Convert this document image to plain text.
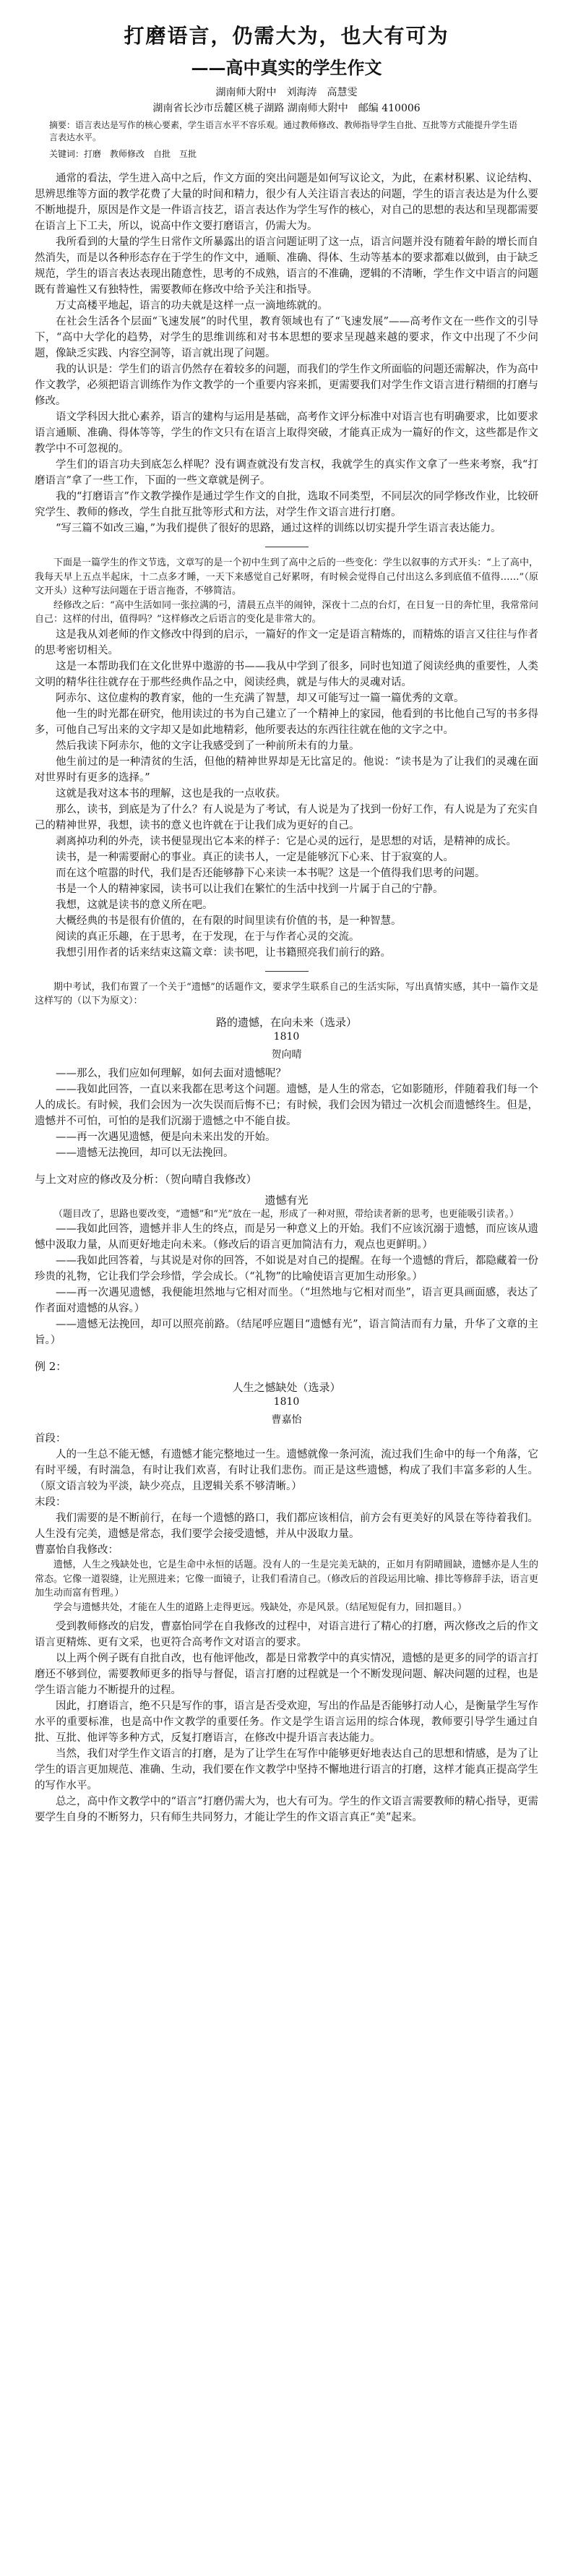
打磨语言，仍需大为，也大有可为
——高中真实的学生作文
湖南师大附中　刘海涛　高慧雯
湖南省长沙市岳麓区桃子湖路 湖南师大附中　邮编 410006
摘要：语言表达是写作的核心要素，学生语言水平不容乐观。通过教师修改、教师指导学生自批、互批等方式能提升学生语言表达水平。
关键词：打磨　教师修改　自批　互批

通常的看法，学生进入高中之后，作文方面的突出问题是如何写议论文，为此，在素材积累、议论结构、思辨思维等方面的教学花费了大量的时间和精力，很少有人关注语言表达的问题，学生的语言表达是为什么要不断地提升，原因是作文是一件语言技艺，语言表达作为学生写作的核心，对自己的思想的表达和呈现都需要在语言上下工夫，所以，说高中作文要打磨语言，仍需大为。

我所看到的大量的学生日常作文所暴露出的语言问题证明了这一点，语言问题并没有随着年龄的增长而自然消失，而是以各种形态存在于学生的作文中，通顺、准确、得体、生动等基本的要求都难以做到，由于缺乏规范，学生的语言表达表现出随意性，思考的不成熟，语言的不准确，逻辑的不清晰，学生作文中语言的问题既有普遍性又有独特性，需要教师在修改中给予关注和指导。

万丈高楼平地起，语言的功夫就是这样一点一滴地练就的。

在社会生活各个层面“飞速发展”的时代里，教育领域也有了“飞速发展”——高考作文在一些作文的引导下，“高中大学化的趋势，对学生的思维训练和对书本思想的要求呈现越来越的要求，作文中出现了不少问题，像缺乏实践、内容空洞等，语言就出现了问题。

我的认识是：学生们的语言仍然存在着较多的问题，而我们的学生作文所面临的问题还需解决，作为高中作文教学，必须把语言训练作为作文教学的一个重要内容来抓，更需要我们对学生作文语言进行精细的打磨与修改。

语文学科因大批心素养，语言的建构与运用是基础，高考作文评分标准中对语言也有明确要求，比如要求语言通顺、准确、得体等等，学生的作文只有在语言上取得突破，才能真正成为一篇好的作文，这些都是作文教学中不可忽视的。

学生们的语言功夫到底怎么样呢？没有调查就没有发言权，我就学生的真实作文拿了一些来考察，我“打磨语言”拿了一些工作，下面的一些文章就是例子。

我的“打磨语言”作文教学操作是通过学生作文的自批，选取不同类型，不同层次的同学修改作业，比较研究学生、教师的修改，学生自批互批等形式和方法，对学生作文语言进行打磨。

“写三篇不如改三遍，”为我们提供了很好的思路，通过这样的训练以切实提升学生语言表达能力。

下面是一篇学生的作文节选，文章写的是一个初中生到了高中之后的一些变化：学生以叙事的方式开头：“上了高中，我每天早上五点半起床，十二点多才睡，一天下来感觉自己好累呀，有时候会觉得自己付出这么多到底值不值得……”（原文开头）这种写法问题在于语言拖沓，不够简洁。

经修改之后：“高中生活如同一张拉满的弓，清晨五点半的闹钟，深夜十二点的台灯，在日复一日的奔忙里，我常常问自己：这样的付出，值得吗？”这样修改之后语言的变化是非常大的。

这是我从刘老师的作文修改中得到的启示，一篇好的作文一定是语言精炼的，而精炼的语言又往往与作者的思考密切相关。

这是一本帮助我们在文化世界中遨游的书——我从中学到了很多，同时也知道了阅读经典的重要性，人类文明的精华往往就存在于那些经典作品之中，阅读经典，就是与伟大的灵魂对话。

阿赤尔、这位虚构的教育家，他的一生充满了智慧，却又可能写过一篇一篇优秀的文章。

他一生的时光都在研究，他用读过的书为自己建立了一个精神上的家园，他看到的书比他自己写的书多得多，可他自己写出来的文字却又是如此地精彩，他所要表达的东西往往就在他的文字之中。

然后我读下阿赤尔，他的文字让我感受到了一种前所未有的力量。

他生前过的是一种清贫的生活，但他的精神世界却是无比富足的。他说：“读书是为了让我们的灵魂在面对世界时有更多的选择。”

这就是我对这本书的理解，这也是我的一点收获。

那么，读书，到底是为了什么？有人说是为了考试，有人说是为了找到一份好工作，有人说是为了充实自己的精神世界，我想，读书的意义也许就在于让我们成为更好的自己。

剥离掉功利的外壳，读书便显现出它本来的样子：它是心灵的远行，是思想的对话，是精神的成长。

读书，是一种需要耐心的事业。真正的读书人，一定是能够沉下心来、甘于寂寞的人。

而在这个喧嚣的时代，我们是否还能够静下心来读一本书呢？这是一个值得我们思考的问题。

书是一个人的精神家园，读书可以让我们在繁忙的生活中找到一片属于自己的宁静。

我想，这就是读书的意义所在吧。

大概经典的书是很有价值的，在有限的时间里读有价值的书，是一种智慧。

阅读的真正乐趣，在于思考，在于发现，在于与作者心灵的交流。

我想引用作者的话来结束这篇文章：读书吧，让书籍照亮我们前行的路。

期中考试，我们布置了一个关于“遗憾”的话题作文，要求学生联系自己的生活实际，写出真情实感，其中一篇作文是这样写的（以下为原文）：

路的遗憾，在向未来（选录）
1810
贺向晴

——那么，我们应如何理解，如何去面对遗憾呢？

——我如此回答，一直以来我都在思考这个问题。遗憾，是人生的常态，它如影随形，伴随着我们每一个人的成长。有时候，我们会因为一次失误而后悔不已；有时候，我们会因为错过一次机会而遗憾终生。但是，遗憾并不可怕，可怕的是我们沉溺于遗憾之中不能自拔。

——再一次遇见遗憾，便是向未来出发的开始。

——遗憾无法挽回，却可以无法挽回。

与上文对应的修改及分析：（贺向晴自我修改）

遗憾有光

（题目改了，思路也要改变，“遗憾”和“光”放在一起，形成了一种对照，带给读者新的思考，也更能吸引读者。）

——我如此回答，遗憾并非人生的终点，而是另一种意义上的开始。我们不应该沉溺于遗憾，而应该从遗憾中汲取力量，从而更好地走向未来。（修改后的语言更加简洁有力，观点也更鲜明。）

——我如此回答着，与其说是对你的回答，不如说是对自己的提醒。在每一个遗憾的背后，都隐藏着一份珍贵的礼物，它让我们学会珍惜，学会成长。（“礼物”的比喻使语言更加生动形象。）

——再一次遇见遗憾，我便能坦然地与它相对而坐。（“坦然地与它相对而坐”，语言更具画面感，表达了作者面对遗憾的从容。）

——遗憾无法挽回，却可以照亮前路。（结尾呼应题目“遗憾有光”，语言简洁而有力量，升华了文章的主旨。）

例 2：

人生之憾缺处（选录）
1810
曹嘉怡

首段：

人的一生总不能无憾，有遗憾才能完整地过一生。遗憾就像一条河流，流过我们生命中的每一个角落，它有时平缓，有时湍急，有时让我们欢喜，有时让我们悲伤。而正是这些遗憾，构成了我们丰富多彩的人生。（原文语言较为平淡，缺少亮点，且逻辑关系不够清晰。）

末段：

我们需要的是不断前行，在每一个遗憾的路口，我们都应该相信，前方会有更美好的风景在等待着我们。人生没有完美，遗憾是常态，我们要学会接受遗憾，并从中汲取力量。

曹嘉怡自我修改：

遗憾，人生之残缺处也，它是生命中永恒的话题。没有人的一生是完美无缺的，正如月有阴晴圆缺，遗憾亦是人生的常态。它像一道裂缝，让光照进来；它像一面镜子，让我们看清自己。（修改后的首段运用比喻、排比等修辞手法，语言更加生动而富有哲理。）

学会与遗憾共处，才能在人生的道路上走得更远。残缺处，亦是风景。（结尾短促有力，回扣题目。）

受到教师修改的启发，曹嘉怡同学在自我修改的过程中，对语言进行了精心的打磨，两次修改之后的作文语言更精炼、更有文采，也更符合高考作文对语言的要求。

以上两个例子既有自批自改，也有他评他改，都是日常教学中的真实情况，遗憾的是更多的同学的语言打磨还不够到位，需要教师更多的指导与督促，语言打磨的过程就是一个不断发现问题、解决问题的过程，也是学生语言能力不断提升的过程。

因此，打磨语言，绝不只是写作的事，语言是否受欢迎，写出的作品是否能够打动人心，是衡量学生写作水平的重要标准，也是高中作文教学的重要任务。作文是学生语言运用的综合体现，教师要引导学生通过自批、互批、他评等多种方式，反复打磨语言，在修改中提升语言表达能力。

当然，我们对学生作文语言的打磨，是为了让学生在写作中能够更好地表达自己的思想和情感，是为了让学生的语言更加规范、准确、生动，我们要在作文教学中坚持不懈地进行语言的打磨，这样才能真正提高学生的写作水平。

总之，高中作文教学中的“语言”打磨仍需大为，也大有可为。学生的作文语言需要教师的精心指导，更需要学生自身的不断努力，只有师生共同努力，才能让学生的作文语言真正“美”起来。
